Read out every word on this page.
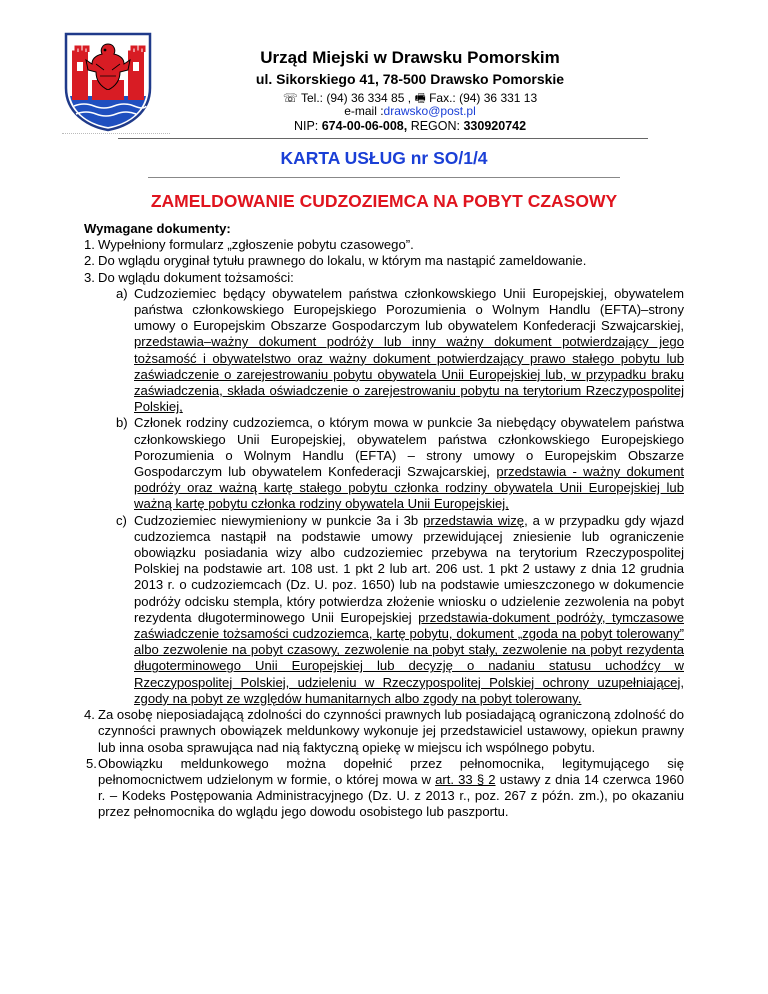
Urząd Miejski w Drawsku Pomorskim
ul. Sikorskiego 41, 78-500 Drawsko Pomorskie
☏ Tel.: (94) 36 334 85 , 🖷 Fax.: (94) 36 331 13
e-mail :drawsko@post.pl
NIP: 674-00-06-008, REGON: 330920742
KARTA USŁUG nr SO/1/4
ZAMELDOWANIE CUDZOZIEMCA NA POBYT CZASOWY
Wymagane dokumenty:
1. Wypełniony formularz „zgłoszenie pobytu czasowego”.
2. Do wglądu oryginał tytułu prawnego do lokalu, w którym ma nastąpić zameldowanie.
3. Do wglądu dokument tożsamości:
a) Cudzoziemiec będący obywatelem państwa członkowskiego Unii Europejskiej, obywatelem państwa członkowskiego Europejskiego Porozumienia o Wolnym Handlu (EFTA)–strony umowy o Europejskim Obszarze Gospodarczym lub obywatelem Konfederacji Szwajcarskiej, przedstawia–ważny dokument podróży lub inny ważny dokument potwierdzający jego tożsamość i obywatelstwo oraz ważny dokument potwierdzający prawo stałego pobytu lub zaświadczenie o zarejestrowaniu pobytu obywatela Unii Europejskiej lub, w przypadku braku zaświadczenia, składa oświadczenie o zarejestrowaniu pobytu na terytorium Rzeczypospolitej Polskiej,
b) Członek rodziny cudzoziemca, o którym mowa w punkcie 3a niebędący obywatelem państwa członkowskiego Unii Europejskiej, obywatelem państwa członkowskiego Europejskiego Porozumienia o Wolnym Handlu (EFTA) – strony umowy o Europejskim Obszarze Gospodarczym lub obywatelem Konfederacji Szwajcarskiej, przedstawia - ważny dokument podróży oraz ważną kartę stałego pobytu członka rodziny obywatela Unii Europejskiej lub ważną kartę pobytu członka rodziny obywatela Unii Europejskiej,
c) Cudzoziemiec niewymieniony w punkcie 3a i 3b przedstawia wizę, a w przypadku gdy wjazd cudzoziemca nastąpił na podstawie umowy przewidującej zniesienie lub ograniczenie obowiązku posiadania wizy albo cudzoziemiec przebywa na terytorium Rzeczypospolitej Polskiej na podstawie art. 108 ust. 1 pkt 2 lub art. 206 ust. 1 pkt 2 ustawy z dnia 12 grudnia 2013 r. o cudzoziemcach (Dz. U. poz. 1650) lub na podstawie umieszczonego w dokumencie podróży odcisku stempla, który potwierdza złożenie wniosku o udzielenie zezwolenia na pobyt rezydenta długoterminowego Unii Europejskiej przedstawia-dokument podróży, tymczasowe zaświadczenie tożsamości cudzoziemca, kartę pobytu, dokument „zgoda na pobyt tolerowany” albo zezwolenie na pobyt czasowy, zezwolenie na pobyt stały, zezwolenie na pobyt rezydenta długoterminowego Unii Europejskiej lub decyzję o nadaniu statusu uchodźcy w Rzeczypospolitej Polskiej, udzieleniu w Rzeczypospolitej Polskiej ochrony uzupełniającej, zgody na pobyt ze względów humanitarnych albo zgody na pobyt tolerowany.
4. Za osobę nieposiadającą zdolności do czynności prawnych lub posiadającą ograniczoną zdolność do czynności prawnych obowiązek meldunkowy wykonuje jej przedstawiciel ustawowy, opiekun prawny lub inna osoba sprawująca nad nią faktyczną opiekę w miejscu ich wspólnego pobytu.
5. Obowiązku meldunkowego można dopełnić przez pełnomocnika, legitymującego się pełnomocnictwem udzielonym w formie, o której mowa w art. 33 § 2 ustawy z dnia 14 czerwca 1960 r. – Kodeks Postępowania Administracyjnego (Dz. U. z 2013 r., poz. 267 z późn. zm.), po okazaniu przez pełnomocnika do wglądu jego dowodu osobistego lub paszportu.
